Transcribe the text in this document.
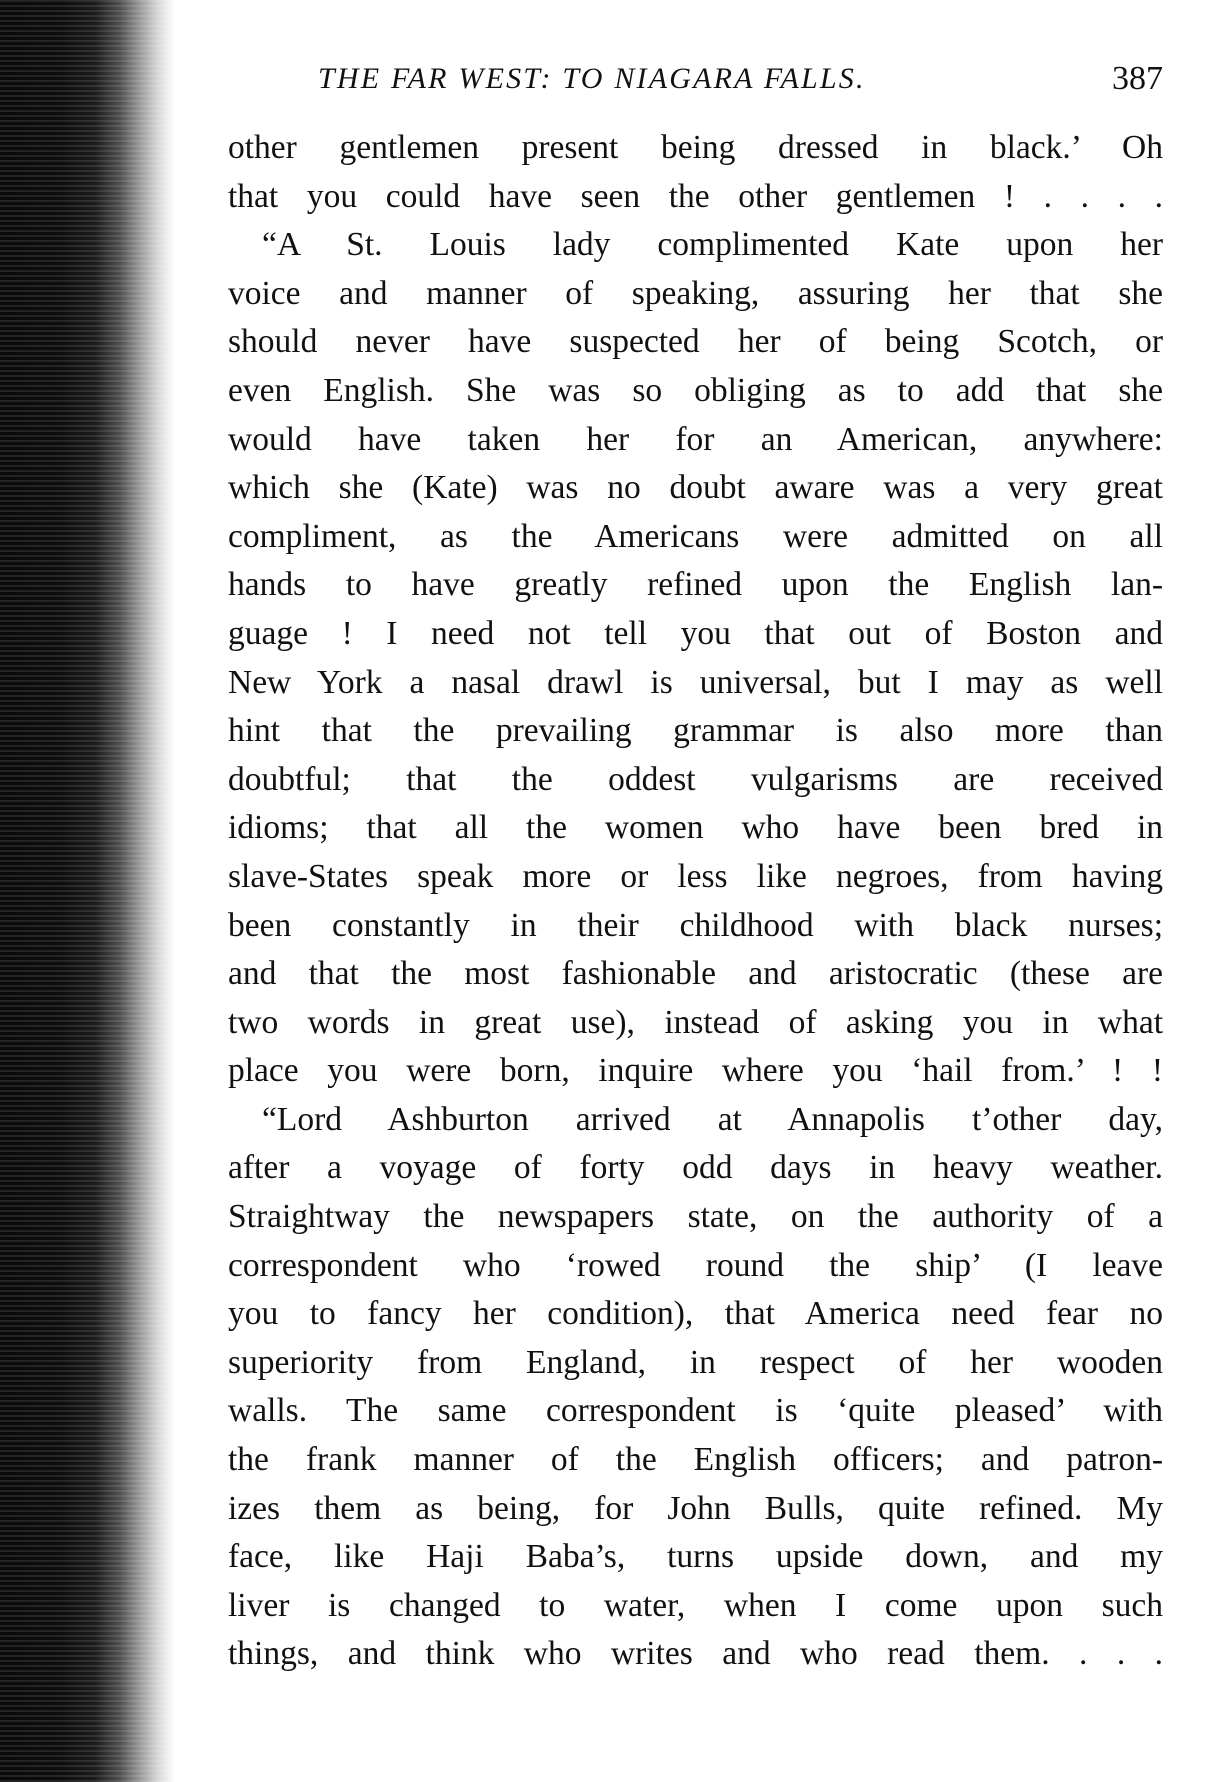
THE FAR WEST: TO NIAGARA FALLS.	387
other gentlemen present being dressed in black.’ Oh
that you could have seen the other gentlemen ! . . . .
“A St. Louis lady complimented Kate upon her
voice and manner of speaking, assuring her that she
should never have suspected her of being Scotch, or
even English. She was so obliging as to add that she
would have taken her for an American, anywhere:
which she (Kate) was no doubt aware was a very great
compliment, as the Americans were admitted on all
hands to have greatly refined upon the English lan-
guage ! I need not tell you that out of Boston and
New York a nasal drawl is universal, but I may as well
hint that the prevailing grammar is also more than
doubtful; that the oddest vulgarisms are received
idioms; that all the women who have been bred in
slave-States speak more or less like negroes, from having
been constantly in their childhood with black nurses;
and that the most fashionable and aristocratic (these are
two words in great use), instead of asking you in what
place you were born, inquire where you ‘hail from.’ ! !
“Lord Ashburton arrived at Annapolis t’other day,
after a voyage of forty odd days in heavy weather.
Straightway the newspapers state, on the authority of a
correspondent who ‘rowed round the ship’ (I leave
you to fancy her condition), that America need fear no
superiority from England, in respect of her wooden
walls. The same correspondent is ‘quite pleased’ with
the frank manner of the English officers; and patron-
izes them as being, for John Bulls, quite refined. My
face, like Haji Baba’s, turns upside down, and my
liver is changed to water, when I come upon such
things, and think who writes and who read them. . . .
